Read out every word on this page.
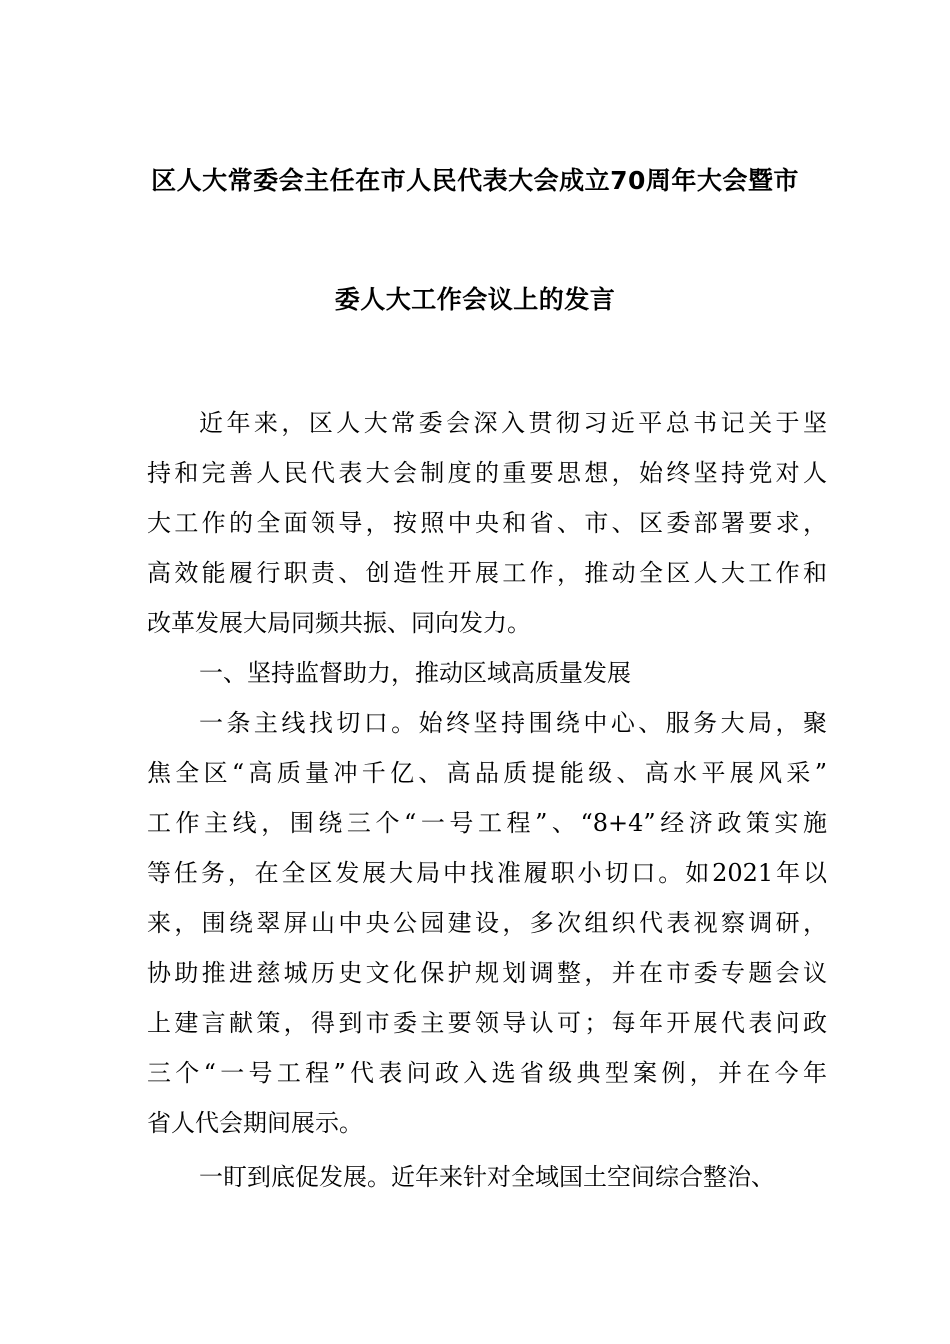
区人大常委会主任在市人民代表大会成立70周年大会暨市
委人大工作会议上的发言
近年来，区人大常委会深入贯彻习近平总书记关于坚
持和完善人民代表大会制度的重要思想，始终坚持党对人
大工作的全面领导，按照中央和省、市、区委部署要求，
高效能履行职责、创造性开展工作，推动全区人大工作和
改革发展大局同频共振、同向发力。
一、坚持监督助力，推动区域高质量发展
一条主线找切口。始终坚持围绕中心、服务大局，聚
焦全区“高质量冲千亿、高品质提能级、高水平展风采”
工作主线，围绕三个“一号工程”、“8+4”经济政策实施
等任务，在全区发展大局中找准履职小切口。如2021年以
来，围绕翠屏山中央公园建设，多次组织代表视察调研，
协助推进慈城历史文化保护规划调整，并在市委专题会议
上建言献策，得到市委主要领导认可；每年开展代表问政
三个“一号工程”代表问政入选省级典型案例，并在今年
省人代会期间展示。
一盯到底促发展。近年来针对全域国土空间综合整治、
